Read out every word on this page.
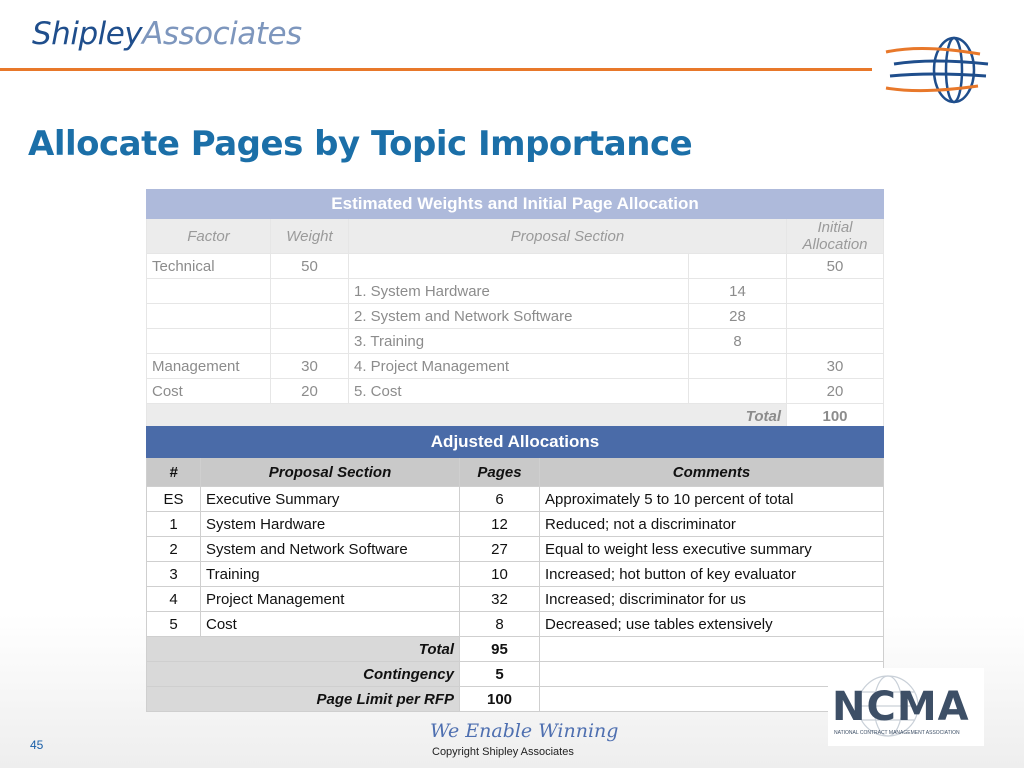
ShipleyAssociates
Allocate Pages by Topic Importance
Estimated Weights and Initial Page Allocation				
Factor	Weight	Proposal Section		Initial Allocation
Technical	50			50
		1. System Hardware	14	
		2. System and Network Software	28	
		3. Training	8	
Management	30	4. Project Management		30
Cost	20	5. Cost		20
Total				100
Adjusted Allocations			
#	Proposal Section	Pages	Comments
ES	Executive Summary	6	Approximately 5 to 10 percent of total
1	System Hardware	12	Reduced; not a discriminator
2	System and Network Software	27	Equal to weight less executive summary
3	Training	10	Increased; hot button of key evaluator
4	Project Management	32	Increased; discriminator for us
5	Cost	8	Decreased; use tables extensively
Total		95	
Contingency		5	
Page Limit per RFP		100		NCMA
NATIONAL CONTRACT MANAGEMENT ASSOCIATION
45
We Enable Winning
Copyright Shipley Associates
